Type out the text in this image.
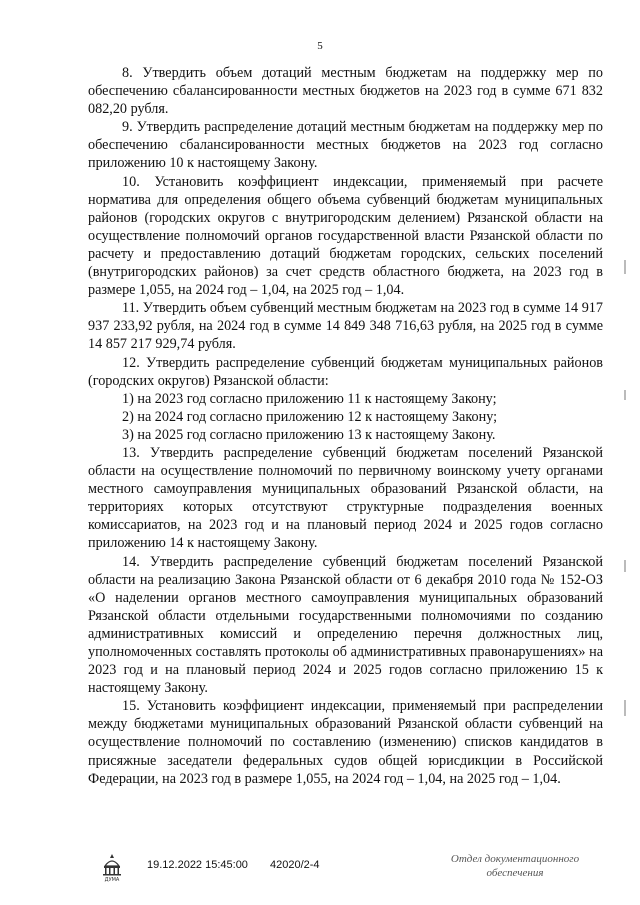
5

8. Утвердить объем дотаций местным бюджетам на поддержку мер по обеспечению сбалансированности местных бюджетов на 2023 год в сумме 671 832 082,20 рубля.

9. Утвердить распределение дотаций местным бюджетам на поддержку мер по обеспечению сбалансированности местных бюджетов на 2023 год согласно приложению 10 к настоящему Закону.

10. Установить коэффициент индексации, применяемый при расчете норматива для определения общего объема субвенций бюджетам муниципальных районов (городских округов с внутригородским делением) Рязанской области на осуществление полномочий органов государственной власти Рязанской области по расчету и предоставлению дотаций бюджетам городских, сельских поселений (внутригородских районов) за счет средств областного бюджета, на 2023 год в размере 1,055, на 2024 год – 1,04, на 2025 год – 1,04.

11. Утвердить объем субвенций местным бюджетам на 2023 год в сумме 14 917 937 233,92 рубля, на 2024 год в сумме 14 849 348 716,63 рубля, на 2025 год в сумме 14 857 217 929,74 рубля.

12. Утвердить распределение субвенций бюджетам муниципальных районов (городских округов) Рязанской области:

1) на 2023 год согласно приложению 11 к настоящему Закону;

2) на 2024 год согласно приложению 12 к настоящему Закону;

3) на 2025 год согласно приложению 13 к настоящему Закону.

13. Утвердить распределение субвенций бюджетам поселений Рязанской области на осуществление полномочий по первичному воинскому учету органами местного самоуправления муниципальных образований Рязанской области, на территориях которых отсутствуют структурные подразделения военных комиссариатов, на 2023 год и на плановый период 2024 и 2025 годов согласно приложению 14 к настоящему Закону.

14. Утвердить распределение субвенций бюджетам поселений Рязанской области на реализацию Закона Рязанской области от 6 декабря 2010 года № 152-ОЗ «О наделении органов местного самоуправления муниципальных образований Рязанской области отдельными государственными полномочиями по созданию административных комиссий и определению перечня должностных лиц, уполномоченных составлять протоколы об административных правонарушениях» на 2023 год и на плановый период 2024 и 2025 годов согласно приложению 15 к настоящему Закону.

15. Установить коэффициент индексации, применяемый при распределении между бюджетами муниципальных образований Рязанской области субвенций на осуществление полномочий по составлению (изменению) списков кандидатов в присяжные заседатели федеральных судов общей юрисдикции в Российской Федерации, на 2023 год в размере 1,055, на 2024 год – 1,04, на 2025 год – 1,04.

ДУМА
19.12.2022 15:45:00 42020/2-4	Отдел документационного
обеспечения
